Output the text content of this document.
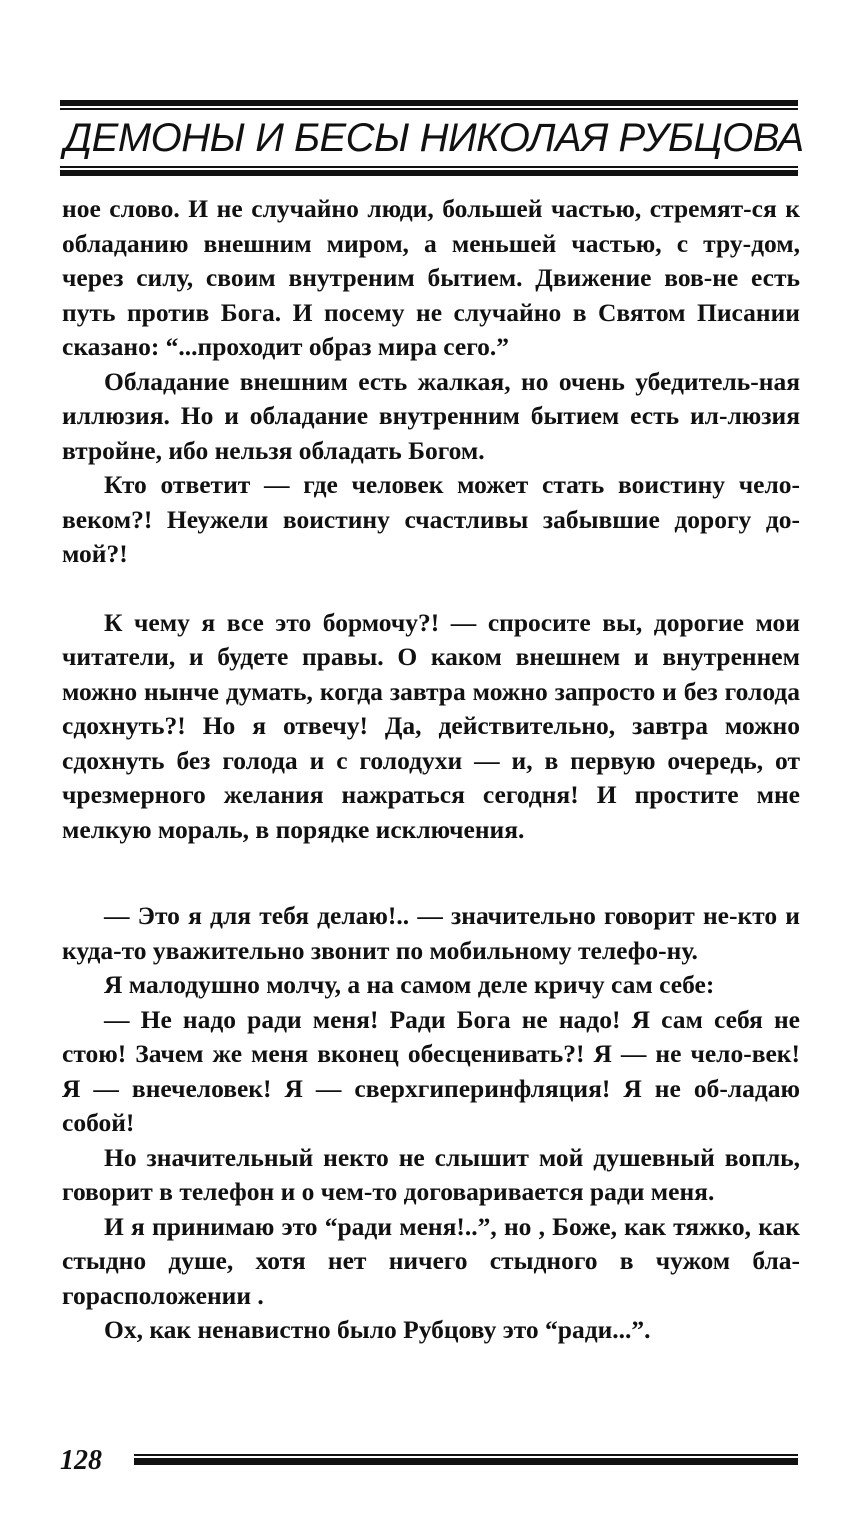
ДЕМОНЫ И БЕСЫ НИКОЛАЯ РУБЦОВА

ное слово. И не случайно люди, большей частью, стремят-ся к обладанию внешним миром, а меньшей частью, с тру-дом, через силу, своим внутреним бытием. Движение вов-не есть путь против Бога. И посему не случайно в Святом Писании сказано: “...проходит образ мира сего.”

Обладание внешним есть жалкая, но очень убедитель-ная иллюзия. Но и обладание внутренним бытием есть ил-люзия втройне, ибо нельзя обладать Богом.

Кто ответит — где человек может стать воистину чело-веком?! Неужели воистину счастливы забывшие дорогу до-мой?!

К чему я все это бормочу?! — спросите вы, дорогие мои читатели, и будете правы. О каком внешнем и внутреннем можно нынче думать, когда завтра можно запросто и без голода сдохнуть?! Но я отвечу! Да, действительно, завтра можно сдохнуть без голода и с голодухи — и, в первую очередь, от чрезмерного желания нажраться сегодня! И простите мне мелкую мораль, в порядке исключения.

— Это я для тебя делаю!.. — значительно говорит не-кто и куда-то уважительно звонит по мобильному телефо-ну.

Я малодушно молчу, а на самом деле кричу сам себе:

— Не надо ради меня! Ради Бога не надо! Я сам себя не стою! Зачем же меня вконец обесценивать?! Я — не чело-век! Я — внечеловек! Я — сверхгиперинфляция! Я не об-ладаю собой!

Но значительный некто не слышит мой душевный вопль, говорит в телефон и о чем-то договаривается ради меня.

И я принимаю это “ради меня!..”, но , Боже, как тяжко, как стыдно душе, хотя нет ничего стыдного в чужом бла-горасположении .

Ох, как ненавистно было Рубцову это “ради...”.

128
